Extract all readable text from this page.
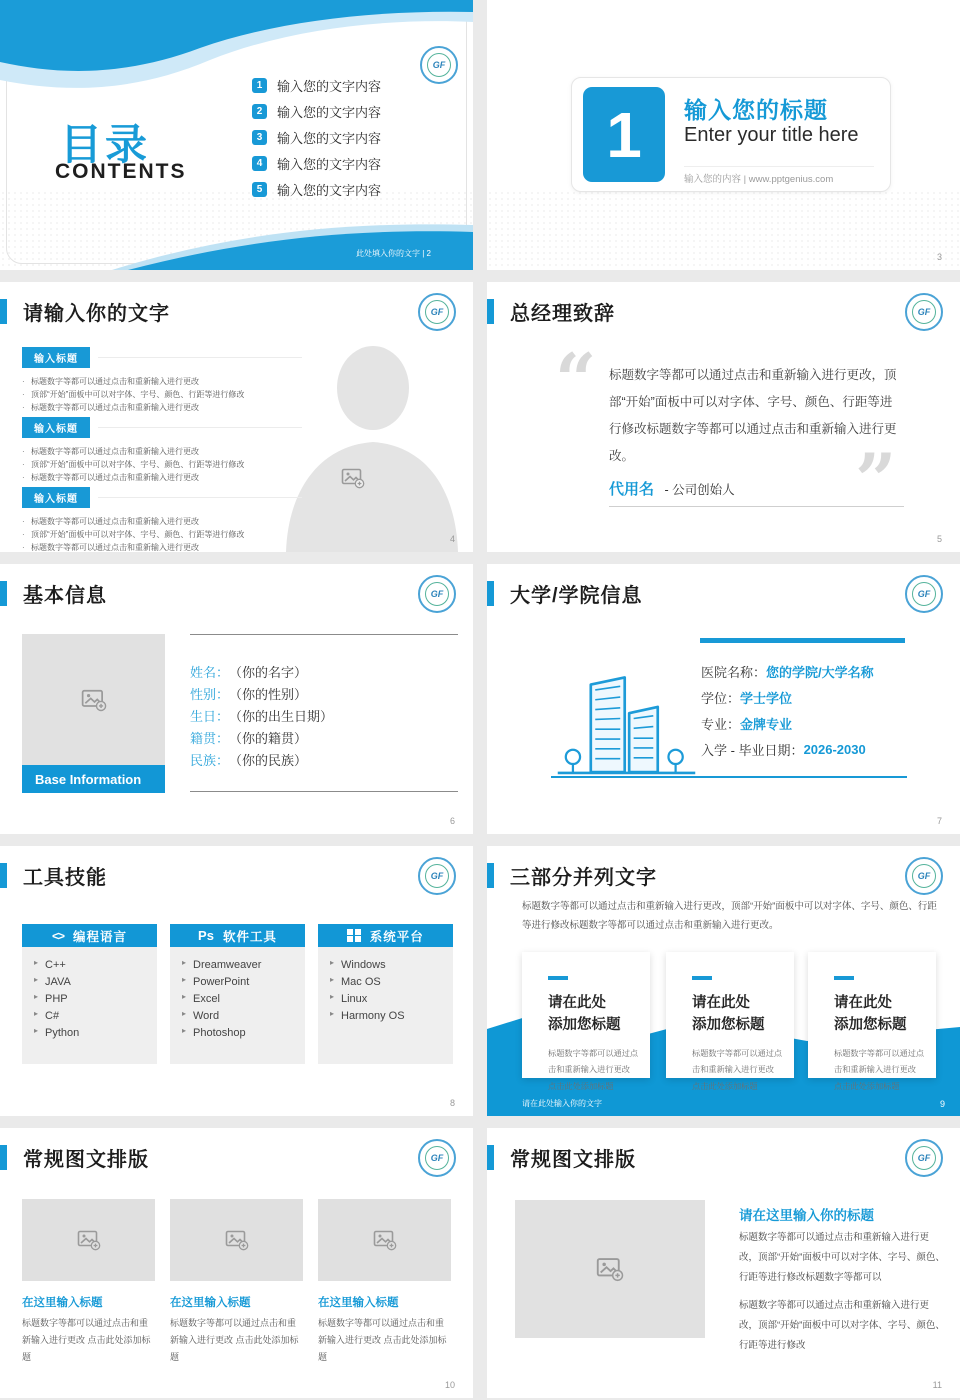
GF
目录
CONTENTS
1	输入您的文字内容
2	输入您的文字内容
3	输入您的文字内容
4	输入您的文字内容
5	输入您的文字内容
此处填入你的文字 | 2
1	输入您的标题
Enter your title here
输入您的内容 | www.pptgenius.com
3
请输入你的文字	GF
输入标题
· 标题数字等都可以通过点击和重新输入进行更改
· 顶部“开始”面板中可以对字体、字号、颜色、行距等进行修改
· 标题数字等都可以通过点击和重新输入进行更改
输入标题
· 标题数字等都可以通过点击和重新输入进行更改
· 顶部“开始”面板中可以对字体、字号、颜色、行距等进行修改
· 标题数字等都可以通过点击和重新输入进行更改
输入标题
· 标题数字等都可以通过点击和重新输入进行更改
· 顶部“开始”面板中可以对字体、字号、颜色、行距等进行修改
· 标题数字等都可以通过点击和重新输入进行更改
4
总经理致辞	GF
“ 标题数字等都可以通过点击和重新输入进行更改，顶部“开始”面板中可以对字体、字号、颜色、行距等进行修改标题数字等都可以通过点击和重新输入进行更改。
代用名 - 公司创始人 ”
5
基本信息	GF
Base Information
姓名： （你的名字）
性别： （你的性别）
生日： （你的出生日期）
籍贯： （你的籍贯）
民族： （你的民族）
6
大学/学院信息	GF
医院名称： 您的学院/大学名称
学位： 学士学位
专业： 金牌专业
入学 - 毕业日期： 2026-2030
7
工具技能	GF
<> 编程语言
▸ C++
▸ JAVA
▸ PHP
▸ C#
▸ Python
Ps 软件工具
▸ Dreamweaver
▸ PowerPoint
▸ Excel
▸ Word
▸ Photoshop
系统平台
▸ Windows
▸ Mac OS
▸ Linux
▸ Harmony OS
8
三部分并列文字	GF
标题数字等都可以通过点击和重新输入进行更改，顶部“开始”面板中可以对字体、字号、颜色、行距等进行修改标题数字等都可以通过点击和重新输入进行更改。
请在此处
添加您标题
标题数字等都可以通过点击和重新输入进行更改 点击此处添加标题
请在此处
添加您标题
标题数字等都可以通过点击和重新输入进行更改 点击此处添加标题
请在此处
添加您标题
标题数字等都可以通过点击和重新输入进行更改 点击此处添加标题
请在此处输入你的文字	9
常规图文排版	GF
在这里输入标题
标题数字等都可以通过点击和重新输入进行更改 点击此处添加标题
在这里输入标题
标题数字等都可以通过点击和重新输入进行更改 点击此处添加标题
在这里输入标题
标题数字等都可以通过点击和重新输入进行更改 点击此处添加标题
10
常规图文排版	GF
请在这里输入你的标题
标题数字等都可以通过点击和重新输入进行更改，顶部“开始”面板中可以对字体、字号、颜色、行距等进行修改标题数字等都可以
标题数字等都可以通过点击和重新输入进行更改，顶部“开始”面板中可以对字体、字号、颜色、行距等进行修改
11
